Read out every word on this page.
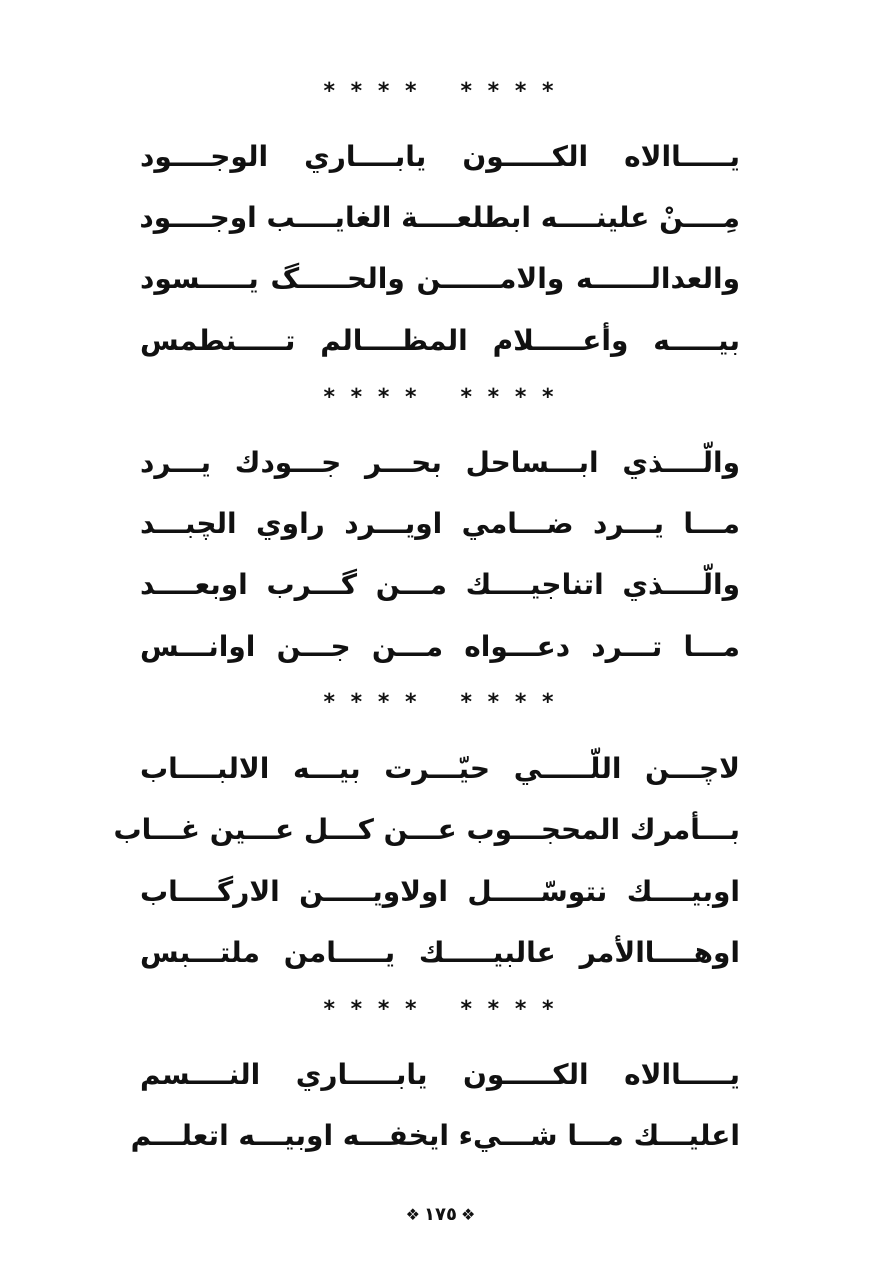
* * * * * * * *
يـــــاالاه الكـــــون يابــــاري الوجــــود
مِــــنْ علينــــه ابطلعــــة الغايــــب اوجــــود
والعدالــــــه والامــــــن والحـــــگ يـــــسود
بيـــــه وأعـــــلام المظــــالم تـــــنطمس
* * * * * * * *
والّــــذي ابـــساحل بحـــر جـــودك يـــرد
مـــا يـــرد ضـــامي اويـــرد راوي الچبـــد
والّــــذي اتناجيــــك مـــن گـــرب اوبعــــد
مـــا تـــرد دعـــواه مـــن جـــن اوانـــس
* * * * * * * *
لاچـــن اللّـــــي حيّـــرت بيـــه الالبــــاب
بـــأمرك المحجـــوب عـــن كـــل عـــين غـــاب
اوبيــــك نتوسّـــــل اولاويـــــن الارگــــاب
اوهــــاالأمر عالبيـــــك يـــــامن ملتـــبس
* * * * * * * *
يـــــاالاه الكـــــون يابـــــاري النــــسم
اعليـــك مـــا شـــيء ايخفـــه اوبيـــه اتعلـــم
❖ ١٧٥ ❖
